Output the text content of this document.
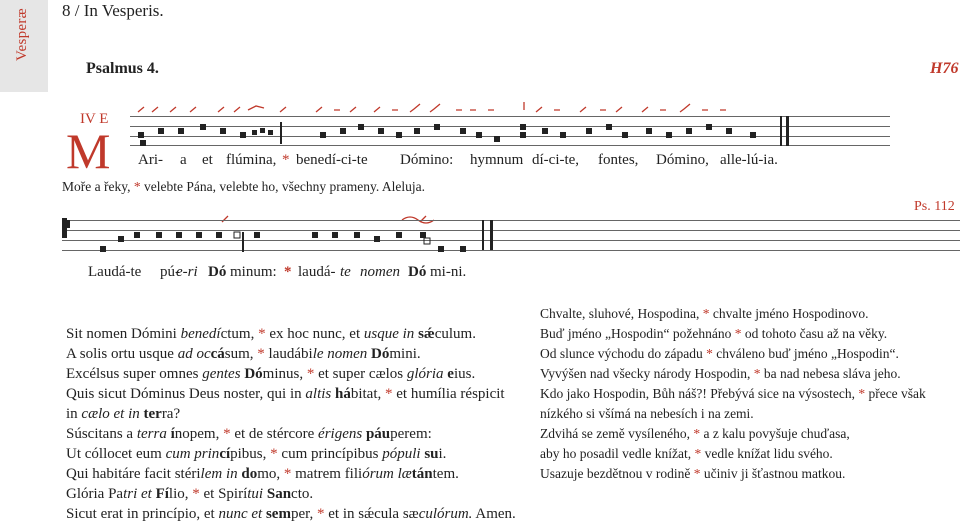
Vesperæ 8 / In Vesperis.
Psalmus 4.	H76
IV E
M Ari- a et flúmina, * benedí-ci-te Dómino: hymnum dí-ci-te, fontes, Dómino, alle-lú-ia.
Moře a řeky, * velebte Pána, velebte ho, všechny prameny. Aleluja.
Ps. 112
Laudá-te pú-
e-ri Dó minum: * laudá- te nomen Dó mi-ni.
Sit nomen Dómini benedíctum, * ex hoc nunc, et usque in sǽculum.
A solis ortu usque ad occásum, * laudábile nomen Dómini.
Excélsus super omnes gentes Dóminus, * et super cælos glória eius.
Quis sicut Dóminus Deus noster, qui in altis hábitat, * et humília réspicit
in cælo et in terra?
Súscitans a terra ínopem, * et de stércore érigens páuperem:
Ut cóllocet eum cum princípibus, * cum princípibus pópuli sui.
Qui habitáre facit stérilem in domo, * matrem filiórum lætántem.
Glória Patri et Fílio, * et Spirítui Sancto.
Sicut erat in princípio, et nunc et semper, * et in sǽcula sæculórum. Amen.
Chvalte, sluhové, Hospodina, * chvalte jméno Hospodinovo.
Buď jméno „Hospodin“ požehnáno * od tohoto času až na věky.
Od slunce východu do západu * chváleno buď jméno „Hospodin“.
Vyvýšen nad všecky národy Hospodin, * ba nad nebesa sláva jeho.
Kdo jako Hospodin, Bůh náš?! Přebývá sice na výsostech, * přece však
nízkého si všímá na nebesích i na zemi.
Zdvihá se země vysíleného, * a z kalu povyšuje chuďasa,
aby ho posadil vedle knížat, * vedle knížat lidu svého.
Usazuje bezdětnou v rodině * učiniv ji šťastnou matkou.
